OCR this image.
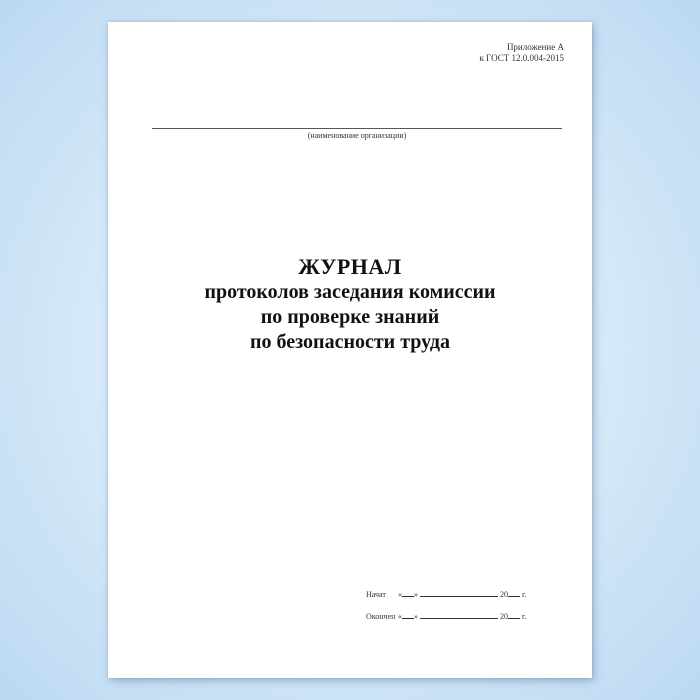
Приложение А
к ГОСТ 12.0.004-2015
(наименование организации)
ЖУРНАЛ
протоколов заседания комиссии
по проверке знаний
по безопасности труда
Начат « »	20 г.
Окончен « »	20 г.
